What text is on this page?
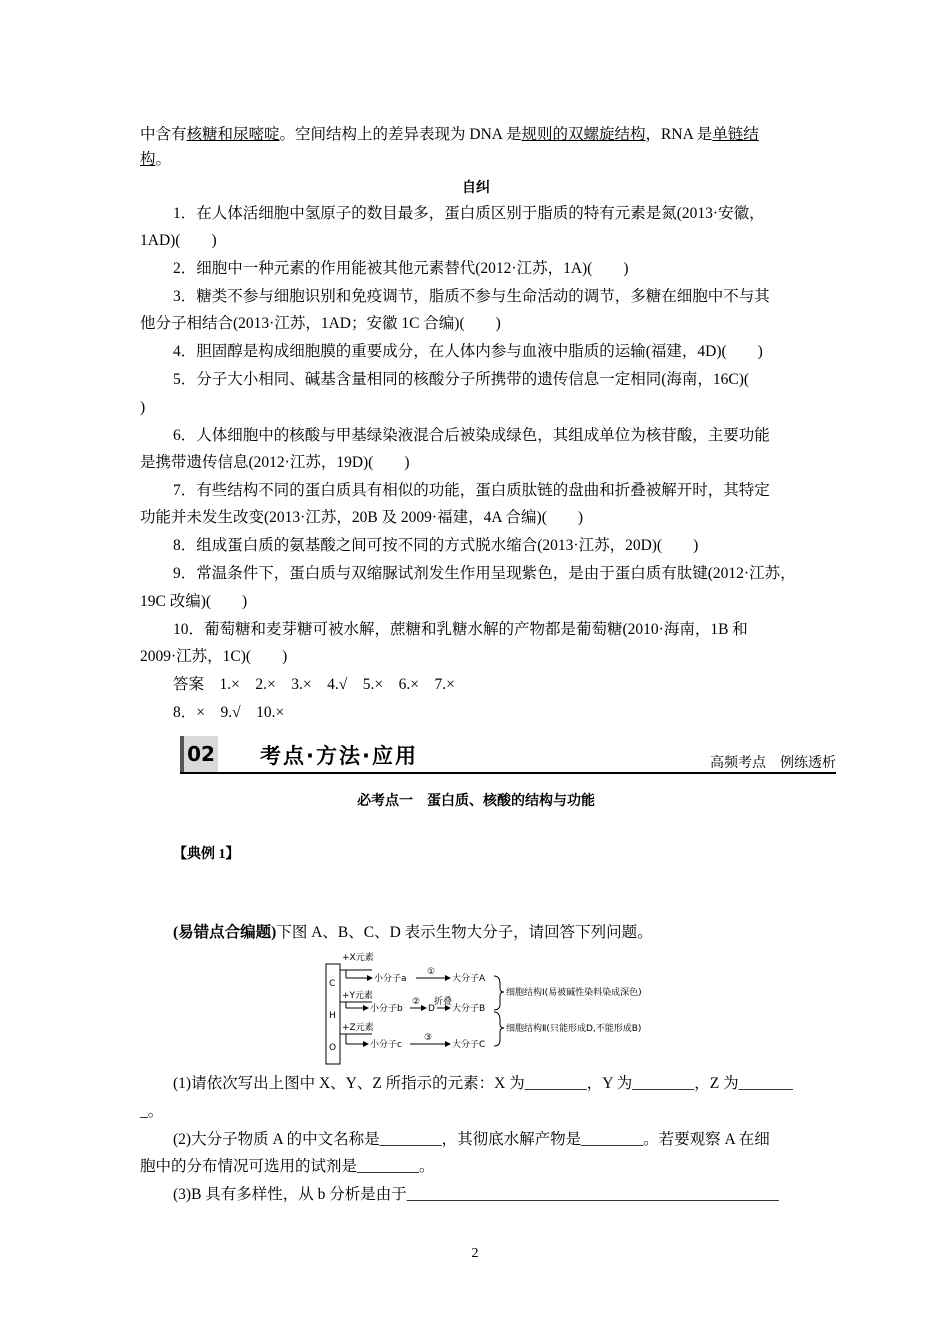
中含有核糖和尿嘧啶。空间结构上的差异表现为 DNA 是规则的双螺旋结构，RNA 是单链结
构。
自纠
1．在人体活细胞中氢原子的数目最多，蛋白质区别于脂质的特有元素是氮(2013·安徽，
1AD)(　　)
2．细胞中一种元素的作用能被其他元素替代(2012·江苏，1A)(　　)
3．糖类不参与细胞识别和免疫调节，脂质不参与生命活动的调节，多糖在细胞中不与其
他分子相结合(2013·江苏，1AD；安徽 1C 合编)(　　)
4．胆固醇是构成细胞膜的重要成分，在人体内参与血液中脂质的运输(福建，4D)(　　)
5．分子大小相同、碱基含量相同的核酸分子所携带的遗传信息一定相同(海南，16C)(
)
6．人体细胞中的核酸与甲基绿染液混合后被染成绿色，其组成单位为核苷酸，主要功能
是携带遗传信息(2012·江苏，19D)(　　)
7．有些结构不同的蛋白质具有相似的功能，蛋白质肽链的盘曲和折叠被解开时，其特定
功能并未发生改变(2013·江苏，20B 及 2009·福建，4A 合编)(　　)
8．组成蛋白质的氨基酸之间可按不同的方式脱水缩合(2013·江苏，20D)(　　)
9．常温条件下，蛋白质与双缩脲试剂发生作用呈现紫色，是由于蛋白质有肽键(2012·江苏，
19C 改编)(　　)
10．葡萄糖和麦芽糖可被水解，蔗糖和乳糖水解的产物都是葡萄糖(2010·海南，1B 和
2009·江苏，1C)(　　)
答案　1.×　2.×　3.×　4.√　5.×　6.×　7.×
8．×　9.√　10.×
02 考点·方法·应用	高频考点　例练透析
必考点一　蛋白质、核酸的结构与功能
【典例 1】
(易错点合编题)下图 A、B、C、D 表示生物大分子，请回答下列问题。
C
H
O
+X元素
+Y元素
+Z元素
小分子a
小分子b
小分子c
①
大分子A
②
D
折叠
大分子B
③
大分子C
细胞结构Ⅰ(易被碱性染料染成深色)
细胞结构Ⅱ(只能形成D,不能形成B)
(1)请依次写出上图中 X、Y、Z 所指示的元素：X 为________，Y 为________，Z 为_______
_。
(2)大分子物质 A 的中文名称是________，其彻底水解产物是________。若要观察 A 在细
胞中的分布情况可选用的试剂是________。
(3)B 具有多样性，从 b 分析是由于________________________________________________
2
